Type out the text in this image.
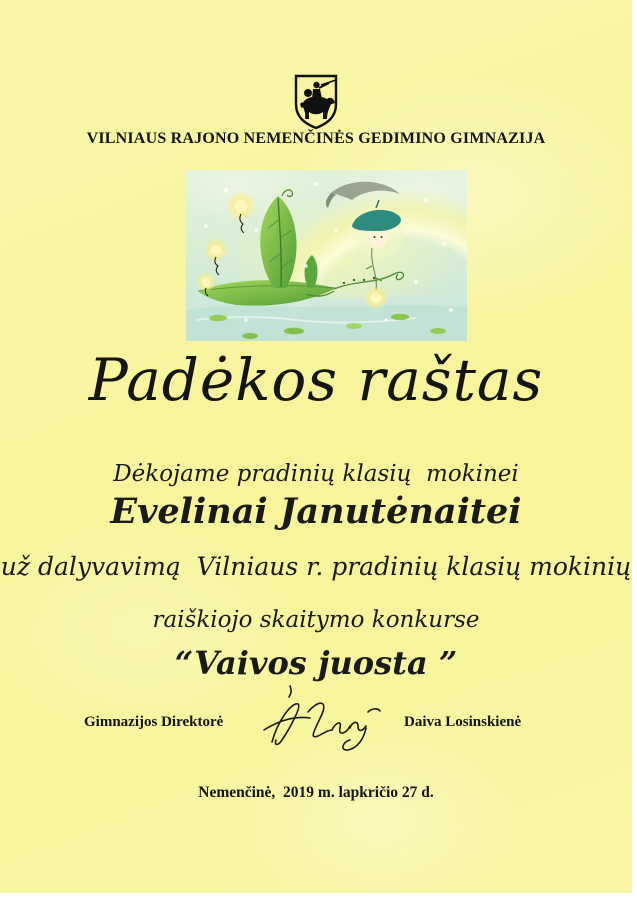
VILNIAUS RAJONO NEMENČINĖS GEDIMINO GIMNAZIJA
Padėkos raštas
Dėkojame pradinių klasių  mokinei
Evelinai Janutėnaitei
už dalyvavimą  Vilniaus r. pradinių klasių mokinių
raiškiojo skaitymo konkurse
“Vaivos juosta ”
Gimnazijos Direktorė	Daiva Losinskienė
Nemenčinė,  2019 m. lapkričio 27 d.
